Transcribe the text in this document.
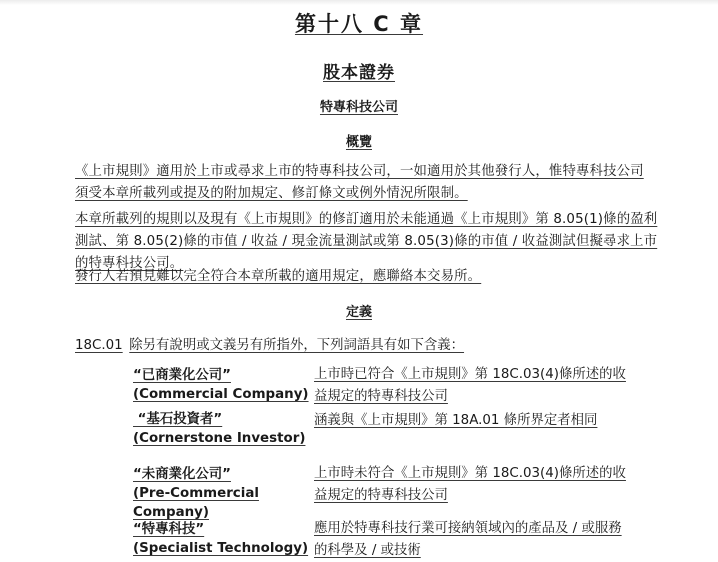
第十八 C 章
股本證券
特專科技公司
概覽
《上市規則》適用於上市或尋求上市的特專科技公司，一如適用於其他發行人，惟特專科技公司
須受本章所載列或提及的附加規定、修訂條文或例外情況所限制。
本章所載列的規則以及現有《上市規則》的修訂適用於未能通過《上市規則》第 8.05(1)條的盈利
測試、第 8.05(2)條的市值 / 收益 / 現金流量測試或第 8.05(3)條的市值 / 收益測試但擬尋求上市
的特專科技公司。
發行人若預見難以完全符合本章所載的適用規定，應聯絡本交易所。
定義
18C.01 除另有說明或文義另有所指外，下列詞語具有如下含義：
“已商業化公司”
(Commercial Company)
上市時已符合《上市規則》第 18C.03(4)條所述的收
益規定的特專科技公司
“基石投資者”
(Cornerstone Investor)
涵義與《上市規則》第 18A.01 條所界定者相同
“未商業化公司”
(Pre-Commercial
Company)
上市時未符合《上市規則》第 18C.03(4)條所述的收
益規定的特專科技公司
“特專科技”
(Specialist Technology)
應用於特專科技行業可接納領域內的產品及 / 或服務
的科學及 / 或技術
